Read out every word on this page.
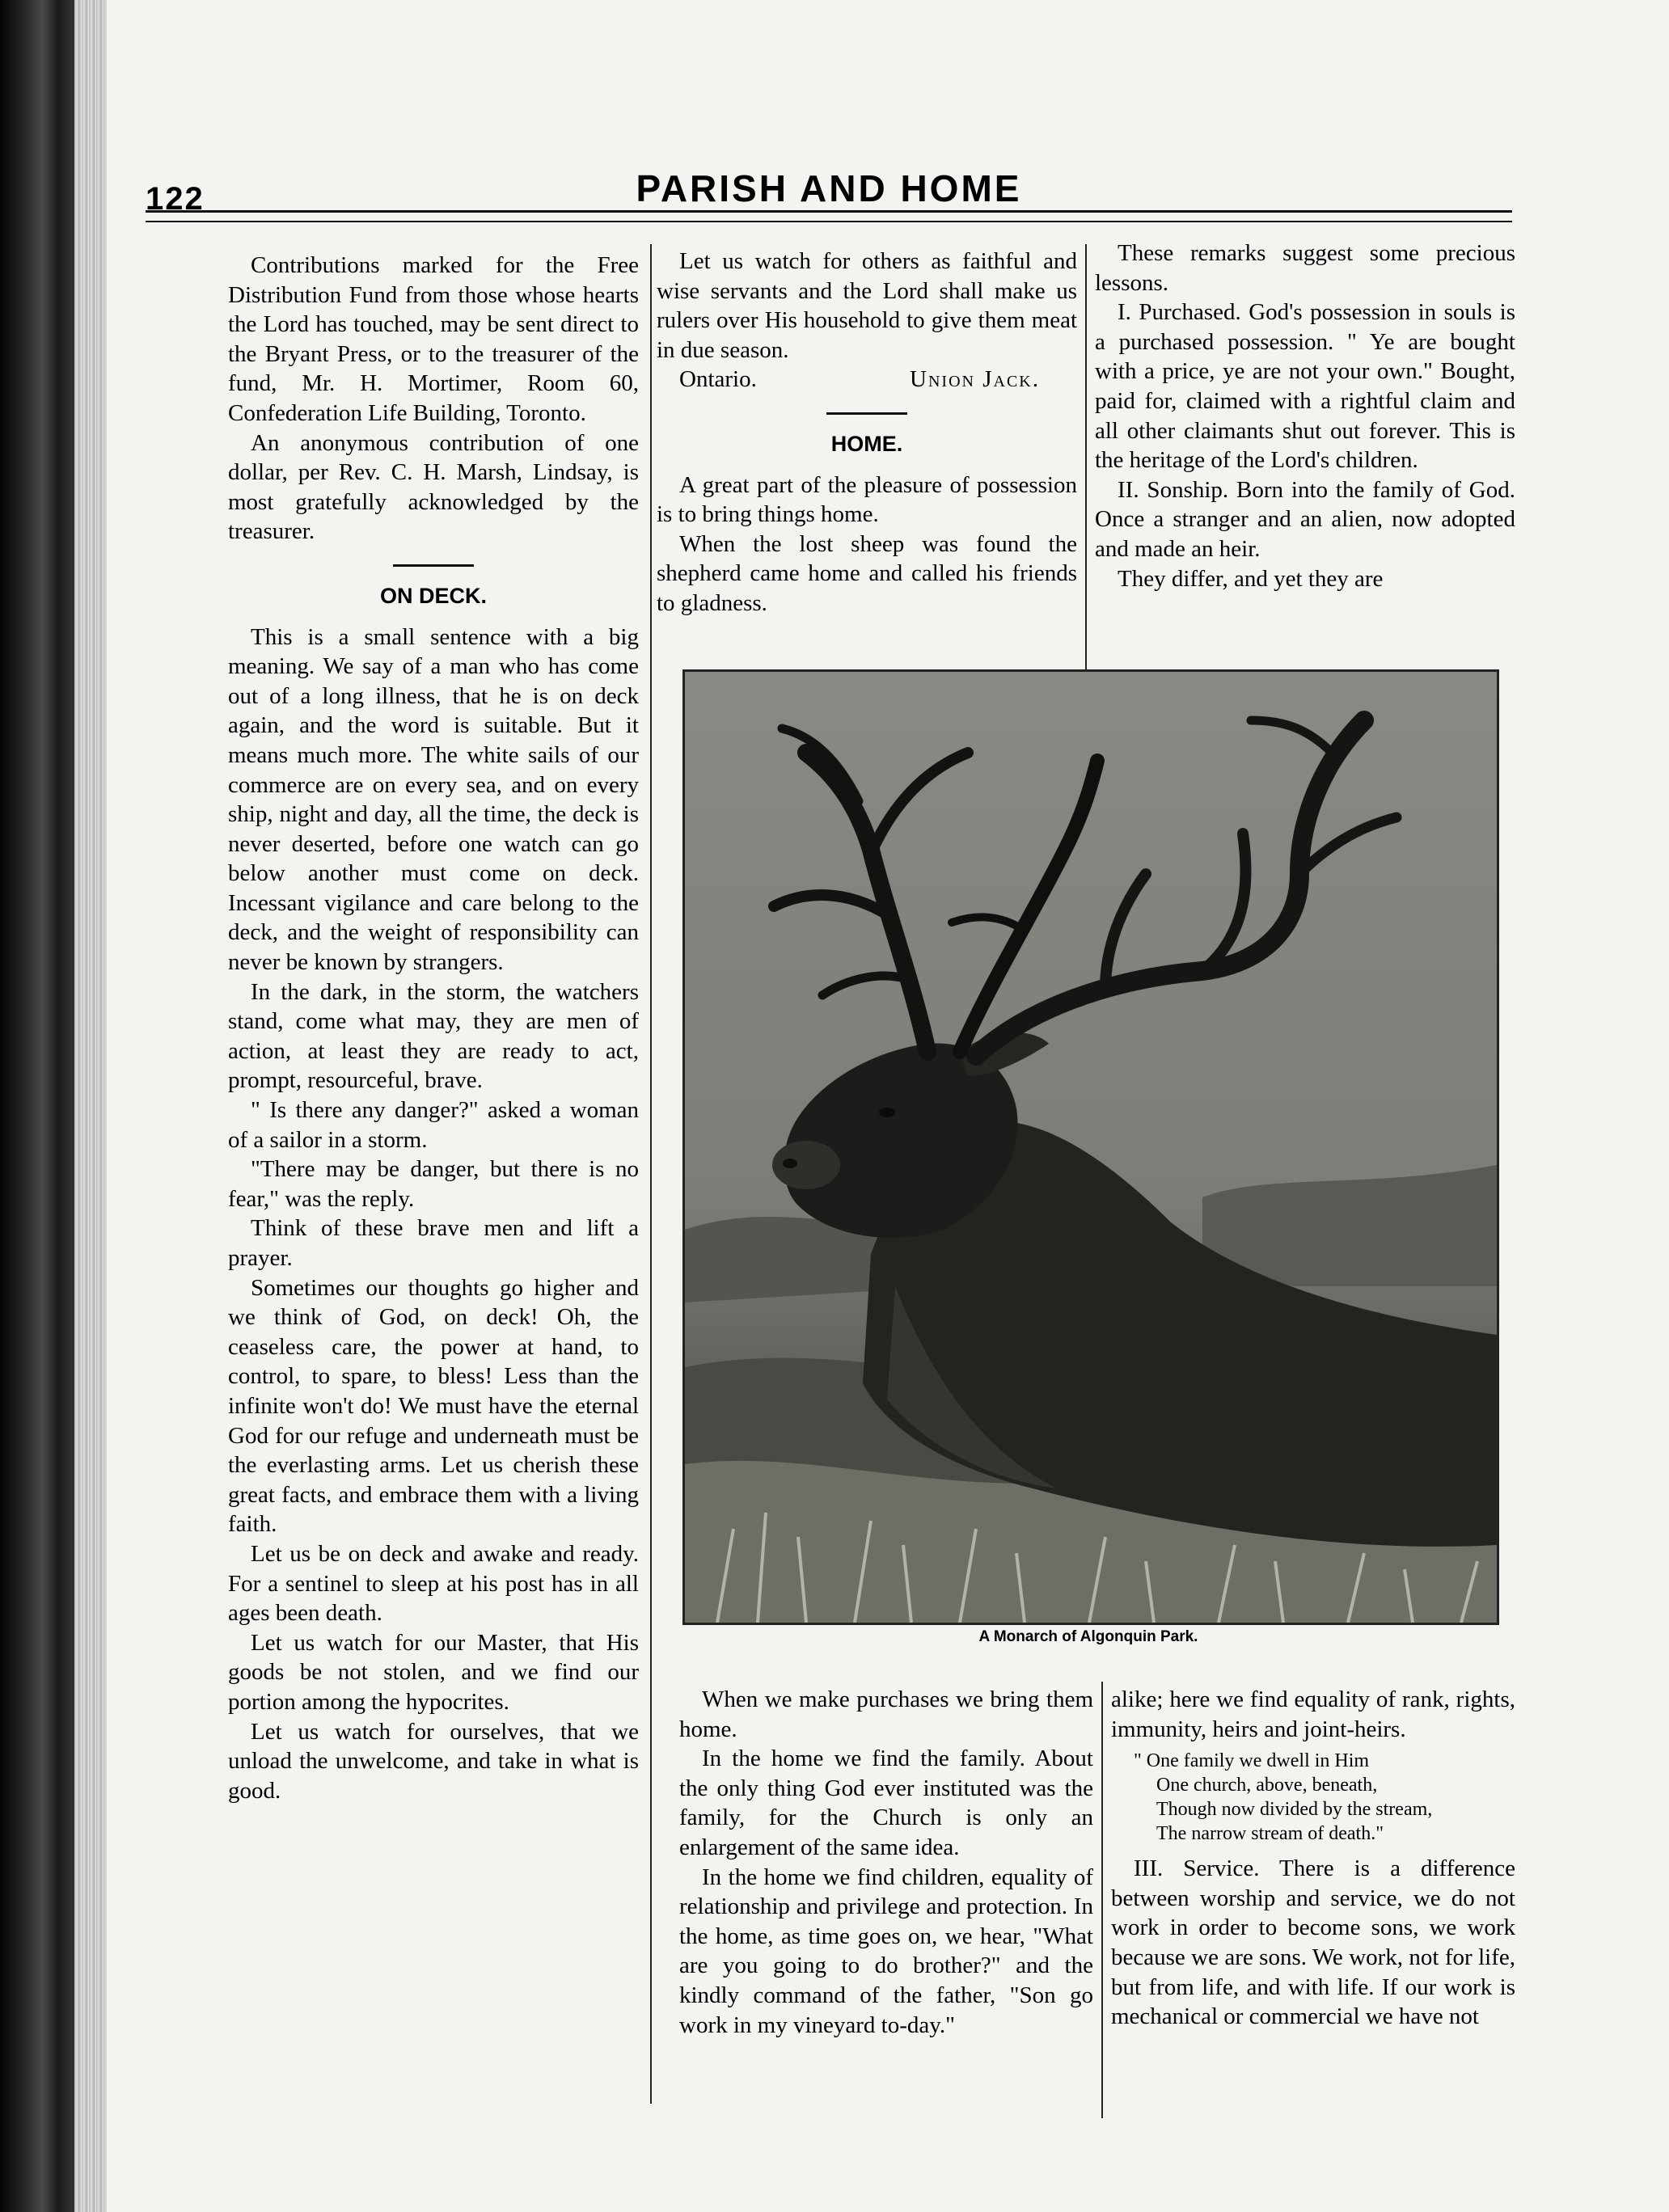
122	PARISH AND HOME

Contributions marked for the Free Distribution Fund from those whose hearts the Lord has touched, may be sent direct to the Bryant Press, or to the treasurer of the fund, Mr. H. Mortimer, Room 60, Confederation Life Building, Toronto.

An anonymous contribution of one dollar, per Rev. C. H. Marsh, Lindsay, is most gratefully acknowledged by the treasurer.

ON DECK.

This is a small sentence with a big meaning. We say of a man who has come out of a long illness, that he is on deck again, and the word is suitable. But it means much more. The white sails of our commerce are on every sea, and on every ship, night and day, all the time, the deck is never deserted, before one watch can go below another must come on deck. Incessant vigilance and care belong to the deck, and the weight of responsibility can never be known by strangers.

In the dark, in the storm, the watchers stand, come what may, they are men of action, at least they are ready to act, prompt, resourceful, brave.

" Is there any danger?" asked a woman of a sailor in a storm.

"There may be danger, but there is no fear," was the reply.

Think of these brave men and lift a prayer.

Sometimes our thoughts go higher and we think of God, on deck! Oh, the ceaseless care, the power at hand, to control, to spare, to bless! Less than the infinite won't do! We must have the eternal God for our refuge and underneath must be the everlasting arms. Let us cherish these great facts, and embrace them with a living faith.

Let us be on deck and awake and ready. For a sentinel to sleep at his post has in all ages been death.

Let us watch for our Master, that His goods be not stolen, and we find our portion among the hypocrites.

Let us watch for ourselves, that we unload the unwelcome, and take in what is good.

Let us watch for others as faithful and wise servants and the Lord shall make us rulers over His household to give them meat in due season.

Ontario.	Union Jack.
HOME.

A great part of the pleasure of possession is to bring things home.

When the lost sheep was found the shepherd came home and called his friends to gladness.

These remarks suggest some precious lessons.

I. Purchased. God's possession in souls is a purchased possession. " Ye are bought with a price, ye are not your own." Bought, paid for, claimed with a rightful claim and all other claimants shut out forever. This is the heritage of the Lord's children.

II. Sonship. Born into the family of God. Once a stranger and an alien, now adopted and made an heir.

They differ, and yet they are

A Monarch of Algonquin Park.

When we make purchases we bring them home.

In the home we find the family. About the only thing God ever instituted was the family, for the Church is only an enlargement of the same idea.

In the home we find children, equality of relationship and privilege and protection. In the home, as time goes on, we hear, "What are you going to do brother?" and the kindly command of the father, "Son go work in my vineyard to-day."

alike; here we find equality of rank, rights, immunity, heirs and joint-heirs.

" One family we dwell in Him
One church, above, beneath,
Though now divided by the stream,
The narrow stream of death."

III. Service. There is a difference between worship and service, we do not work in order to become sons, we work because we are sons. We work, not for life, but from life, and with life. If our work is mechanical or commercial we have not
